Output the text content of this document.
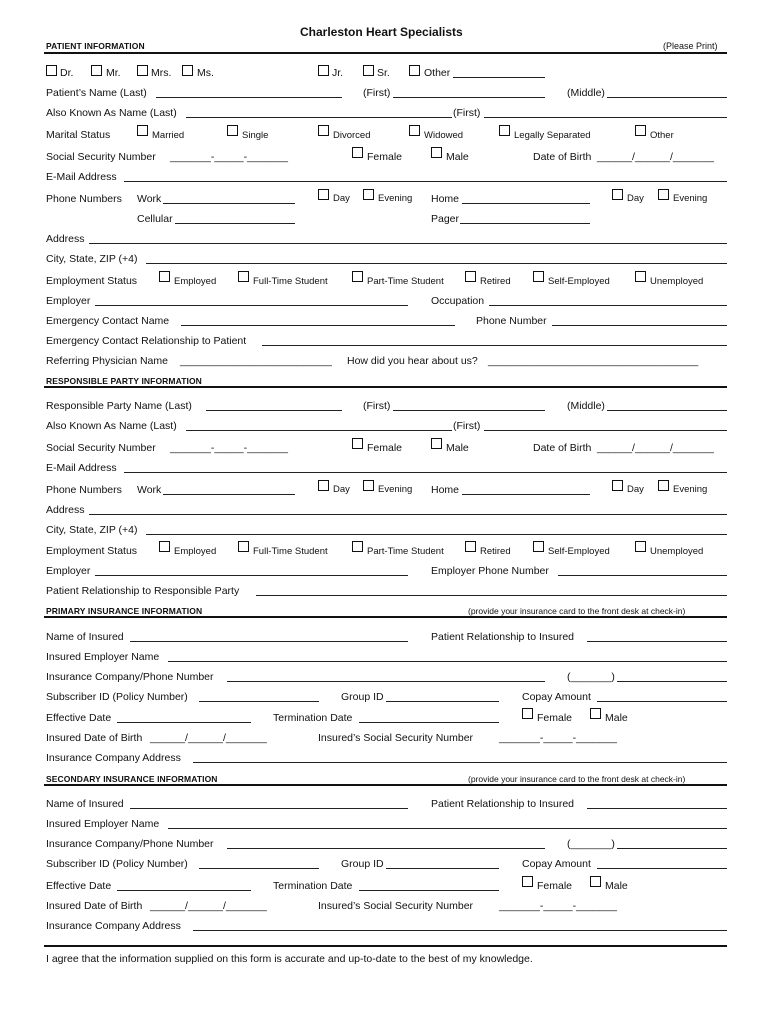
Charleston Heart Specialists
PATIENT INFORMATION	(Please Print)
Dr.	Mr.	Mrs. Ms.	Jr.	Sr.	Other
Patient’s Name (Last)	(First)	(Middle)
Also Known As Name (Last)	(First)
Marital Status	Married	Single	Divorced	Widowed	Legally Separated	Other
Social Security Number _______-_____-_______	Female	Male	Date of Birth ______/______/_______
E-Mail Address
Phone Numbers Work	Day	Evening Home	Day	Evening
Cellular	Pager
Address
City, State, ZIP (+4)
Employment Status	Employed	Full-Time Student	Part-Time Student	Retired	Self-Employed	Unemployed
Employer	Occupation
Emergency Contact Name	Phone Number
Emergency Contact Relationship to Patient
Referring Physician Name __________________________ How did you hear about us? ____________________________________
RESPONSIBLE PARTY INFORMATION
Responsible Party Name (Last)	(First)	(Middle)
Also Known As Name (Last)	(First)
Social Security Number _______-_____-_______	Female	Male	Date of Birth ______/______/_______
E-Mail Address
Phone Numbers Work	Day	Evening Home	Day	Evening
Address
City, State, ZIP (+4)
Employment Status	Employed	Full-Time Student	Part-Time Student	Retired	Self-Employed	Unemployed
Employer	Employer Phone Number
Patient Relationship to Responsible Party
PRIMARY INSURANCE INFORMATION	(provide your insurance card to the front desk at check-in)
Name of Insured	Patient Relationship to Insured
Insured Employer Name
Insurance Company/Phone Number	(_______)
Subscriber ID (Policy Number)	Group ID	Copay Amount
Effective Date	Termination Date	Female	Male
Insured Date of Birth ______/______/_______	Insured’s Social Security Number _______-_____-_______
Insurance Company Address
SECONDARY INSURANCE INFORMATION	(provide your insurance card to the front desk at check-in)
Name of Insured	Patient Relationship to Insured
Insured Employer Name
Insurance Company/Phone Number	(_______)
Subscriber ID (Policy Number)	Group ID	Copay Amount
Effective Date	Termination Date	Female	Male
Insured Date of Birth ______/______/_______	Insured’s Social Security Number _______-_____-_______
Insurance Company Address
I agree that the information supplied on this form is accurate and up-to-date to the best of my knowledge.
